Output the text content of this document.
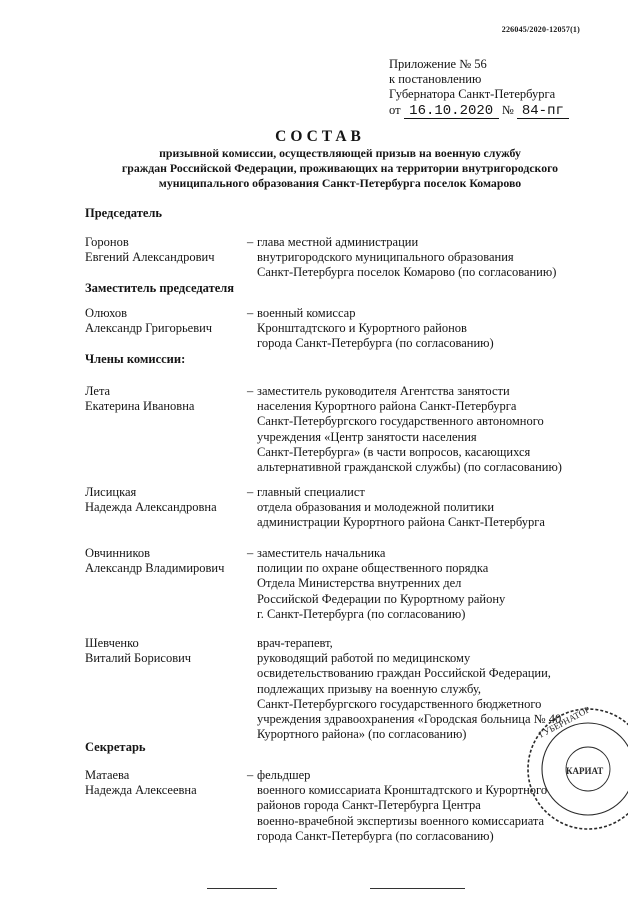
226045/2020-12057(1)
Приложение № 56
к постановлению
Губернатора Санкт-Петербурга
от 16.10.2020 № 84-пг
СОСТАВ
призывной комиссии, осуществляющей призыв на военную службу
граждан Российской Федерации, проживающих на территории внутригородского
муниципального образования Санкт-Петербурга поселок Комарово
Председатель
Горонов
Евгений Александрович
– глава местной администрации
внутригородского муниципального образования
Санкт-Петербурга поселок Комарово (по согласованию)
Заместитель председателя
Олюхов
Александр Григорьевич
– военный комиссар
Кронштадтского и Курортного районов
города Санкт-Петербурга (по согласованию)
Члены комиссии:
Лета
Екатерина Ивановна
– заместитель руководителя Агентства занятости
населения Курортного района Санкт-Петербурга
Санкт-Петербургского государственного автономного
учреждения «Центр занятости населения
Санкт-Петербурга» (в части вопросов, касающихся
альтернативной гражданской службы) (по согласованию)
Лисицкая
Надежда Александровна
– главный специалист
отдела образования и молодежной политики
администрации Курортного района Санкт-Петербурга
Овчинников
Александр Владимирович
– заместитель начальника
полиции по охране общественного порядка
Отдела Министерства внутренних дел
Российской Федерации по Курортному району
г. Санкт-Петербурга (по согласованию)
Шевченко
Виталий Борисович
врач-терапевт,
руководящий работой по медицинскому
освидетельствованию граждан Российской Федерации,
подлежащих призыву на военную службу,
Санкт-Петербургского государственного бюджетного
учреждения здравоохранения «Городская больница № 40
Курортного района» (по согласованию)
Секретарь
Матаева
Надежда Алексеевна
– фельдшер
военного комиссариата Кронштадтского и Курортного
районов города Санкт-Петербурга Центра
военно-врачебной экспертизы военного комиссариата
города Санкт-Петербурга (по согласованию)
ГУБЕРНАТОР
КАРИАТ
